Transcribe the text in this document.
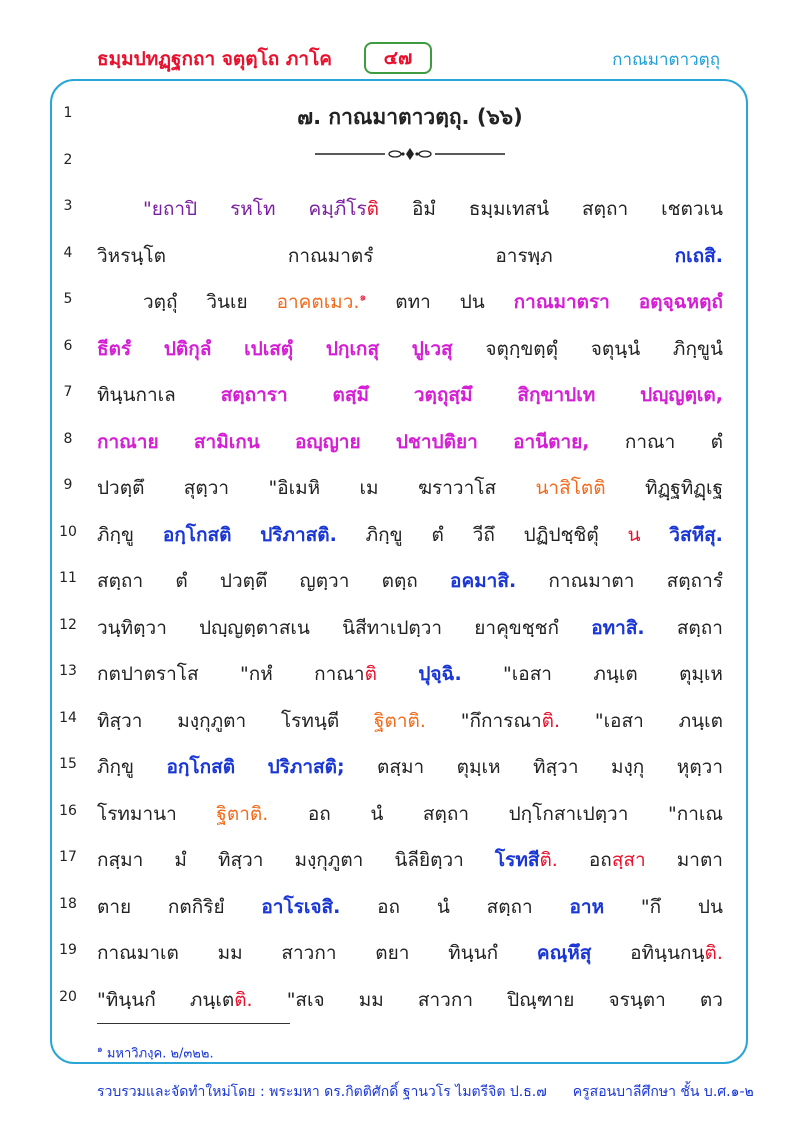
ธมฺมปทฏฺฐกถา จตุตฺโถ ภาโค	๔๗	กาณมาตาวตฺถุ
1	๗. กาณมาตาวตฺถุ. (๖๖)
2
3	"ยถาปิ รหโท คมฺภีโรติ อิมํ ธมฺมเทสนํ สตฺถา เชตวเน
4	วิหรนฺโต	กาณมาตรํ	อารพฺภ	กเถสิ.
5	วตฺถุํ วินเย อาคตเมว.$^๑$ ตทา ปน กาณมาตรา อตฺจฺฉหตฺถํ
6	ธีตรํ ปติกุลํ เปเสตุํ ปกฺเกสุ ปูเวสุ จตุกฺขตฺตุํ จตุนฺนํ ภิกฺขูนํ
7	ทินฺนกาเล สตฺถารา ตสฺมึ วตฺถุสฺมึ สิกฺขาปเท ปญฺญตฺเต,
8	กาณาย สามิเกน อญฺญาย ปชาปติยา อานีตาย, กาณา ตํ
9	ปวตฺตึ สุตฺวา "อิเมหิ เม ฆราวาโส นาสิโตติ ทิฏฺฐทิฏฺเฐ
10 ภิกฺขู อกฺโกสติ ปริภาสติ. ภิกฺขู ตํ วีถึ ปฏิปชฺชิตุํ น วิสหึสุ.
11 สตฺถา ตํ ปวตฺตึ ญตฺวา ตตฺถ อคมาสิ. กาณมาตา สตฺถารํ
12 วนฺทิตฺวา ปญฺญตฺตาสเน นิสีทาเปตฺวา ยาคุขชฺชกํ อทาสิ. สตฺถา
13 กตปาตราโส "กหํ กาณาติ ปุจฺฉิ. "เอสา ภนฺเต ตุมฺเห
14 ทิสฺวา มงฺกุภูตา โรทนฺตี ฐิตาติ. "กึการณาติ. "เอสา ภนฺเต
15 ภิกฺขู อกฺโกสติ ปริภาสติ; ตสฺมา ตุมฺเห ทิสฺวา มงฺกุ หุตฺวา
16 โรทมานา ฐิตาติ. อถ นํ สตฺถา ปกฺโกสาเปตฺวา "กาเณ
17 กสฺมา มํ ทิสฺวา มงฺกุภูตา นิลียิตฺวา โรทสีติ. อถสฺสา มาตา
18 ตาย กตกิริยํ อาโรเจสิ. อถ นํ สตฺถา อาห "กึ ปน
19 กาณมาเต มม สาวกา ตยา ทินฺนกํ คณฺหึสุ อทินฺนกนฺติ.
20 "ทินฺนกํ ภนฺเตติ. "สเจ มม สาวกา ปิณฺฑาย จรนฺตา ตว
$^๑$ มหาวิภงฺค. ๒/๓๒๒.
รวบรวมและจัดทำใหม่โดย : พระมหา ดร.กิตติศักดิ์ ฐานวโร ไมตรีจิต ป.ธ.๗ ครูสอนบาลีศึกษา ชั้น บ.ศ.๑-๒
